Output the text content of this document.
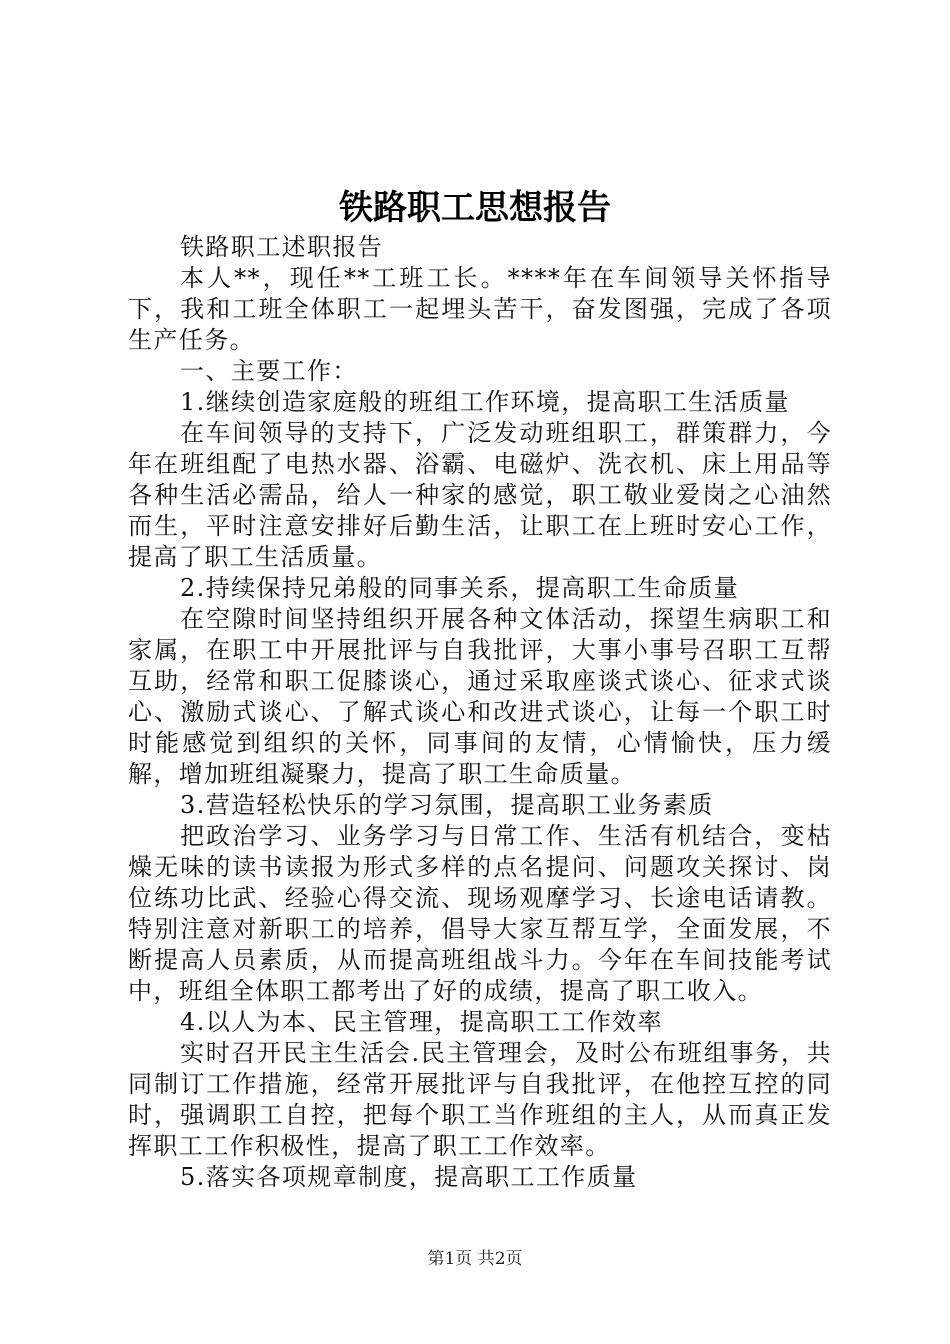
铁路职工思想报告

铁路职工述职报告

本人**，现任**工班工长。****年在车间领导关怀指导下，我和工班全体职工一起埋头苦干，奋发图强，完成了各项生产任务。

一、主要工作：

1.继续创造家庭般的班组工作环境，提高职工生活质量

在车间领导的支持下，广泛发动班组职工，群策群力，今年在班组配了电热水器、浴霸、电磁炉、洗衣机、床上用品等各种生活必需品，给人一种家的感觉，职工敬业爱岗之心油然而生，平时注意安排好后勤生活，让职工在上班时安心工作，提高了职工生活质量。

2.持续保持兄弟般的同事关系，提高职工生命质量

在空隙时间坚持组织开展各种文体活动，探望生病职工和家属，在职工中开展批评与自我批评，大事小事号召职工互帮互助，经常和职工促膝谈心，通过采取座谈式谈心、征求式谈心、激励式谈心、了解式谈心和改进式谈心，让每一个职工时时能感觉到组织的关怀，同事间的友情，心情愉快，压力缓解，增加班组凝聚力，提高了职工生命质量。

3.营造轻松快乐的学习氛围，提高职工业务素质

把政治学习、业务学习与日常工作、生活有机结合，变枯燥无味的读书读报为形式多样的点名提问、问题攻关探讨、岗位练功比武、经验心得交流、现场观摩学习、长途电话请教。特别注意对新职工的培养，倡导大家互帮互学，全面发展，不断提高人员素质，从而提高班组战斗力。今年在车间技能考试中，班组全体职工都考出了好的成绩，提高了职工收入。

4.以人为本、民主管理，提高职工工作效率

实时召开民主生活会.民主管理会，及时公布班组事务，共同制订工作措施，经常开展批评与自我批评，在他控互控的同时，强调职工自控，把每个职工当作班组的主人，从而真正发挥职工工作积极性，提高了职工工作效率。

5.落实各项规章制度，提高职工工作质量

第1页 共2页
